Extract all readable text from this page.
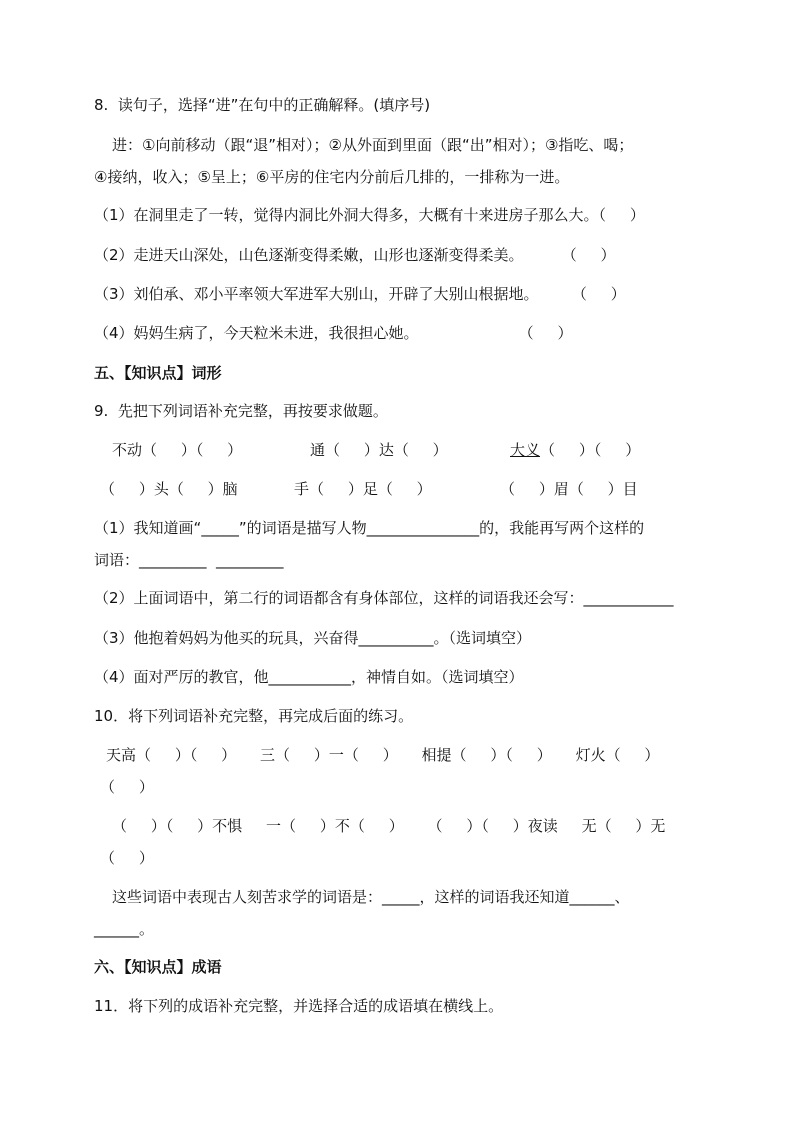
8.  读句子，选择“进”在句中的正确解释。(填序号)
进：①向前移动（跟“退”相对）；②从外面到里面（跟“出”相对）；③指吃、喝；
④接纳，收入；⑤呈上；⑥平房的住宅内分前后几排的，一排称为一进。
（1）在洞里走了一转，觉得内洞比外洞大得多，大概有十来进房子那么大。（     ）
（2）走进天山深处，山色逐渐变得柔嫩，山形也逐渐变得柔美。        （     ）
（3）刘伯承、邓小平率领大军进军大别山，开辟了大别山根据地。       （     ）
（4）妈妈生病了，今天粒米未进，我很担心她。                     （     ）
五、【知识点】词形
9.  先把下列词语补充完整，再按要求做题。
不动（     ）（     ）	通（     ）达（     ）	大义（     ）（     ）
（     ）头（     ）脑	手（     ）足（     ）	（     ）眉（     ）目
（1）我知道画“_____”的词语是描写人物_______________的，我能再写两个这样的
词语：_________  _________
（2）上面词语中，第二行的词语都含有身体部位，这样的词语我还会写：____________
（3）他抱着妈妈为他买的玩具，兴奋得__________。（选词填空）
（4）面对严厉的教官，他___________，神情自如。（选词填空）
10．将下列词语补充完整，再完成后面的练习。
天高（     ）（     ）     三（     ）一（     ）     相提（     ）（     ）     灯火（     ）
（     ）
（     ）（     ）不惧     一（     ）不（     ）     （     ）（     ）夜读     无（     ）无
（     ）
这些词语中表现古人刻苦求学的词语是：_____，这样的词语我还知道______、
______。
六、【知识点】成语
11．将下列的成语补充完整，并选择合适的成语填在横线上。
